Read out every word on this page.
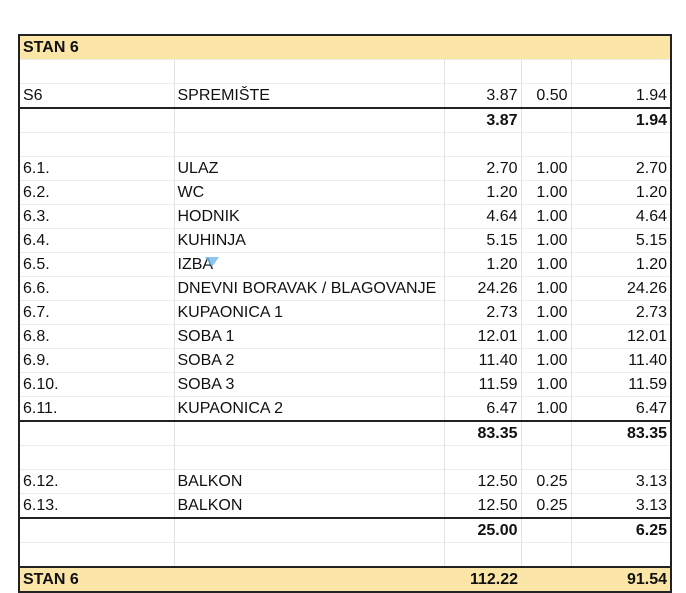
STAN 6				

S6	SPREMIŠTE	3.87	0.50	1.94
		3.87		1.94

6.1.	ULAZ	2.70	1.00	2.70
6.2.	WC	1.20	1.00	1.20
6.3.	HODNIK	4.64	1.00	4.64
6.4.	KUHINJA	5.15	1.00	5.15
6.5.	IZBA	1.20	1.00	1.20
6.6.	DNEVNI BORAVAK / BLAGOVANJE	24.26	1.00	24.26
6.7.	KUPAONICA 1	2.73	1.00	2.73
6.8.	SOBA 1	12.01	1.00	12.01
6.9.	SOBA 2	11.40	1.00	11.40
6.10.	SOBA 3	11.59	1.00	11.59
6.11.	KUPAONICA 2	6.47	1.00	6.47
		83.35		83.35

6.12.	BALKON	12.50	0.25	3.13
6.13.	BALKON	12.50	0.25	3.13
		25.00		6.25

STAN 6		112.22		91.54
